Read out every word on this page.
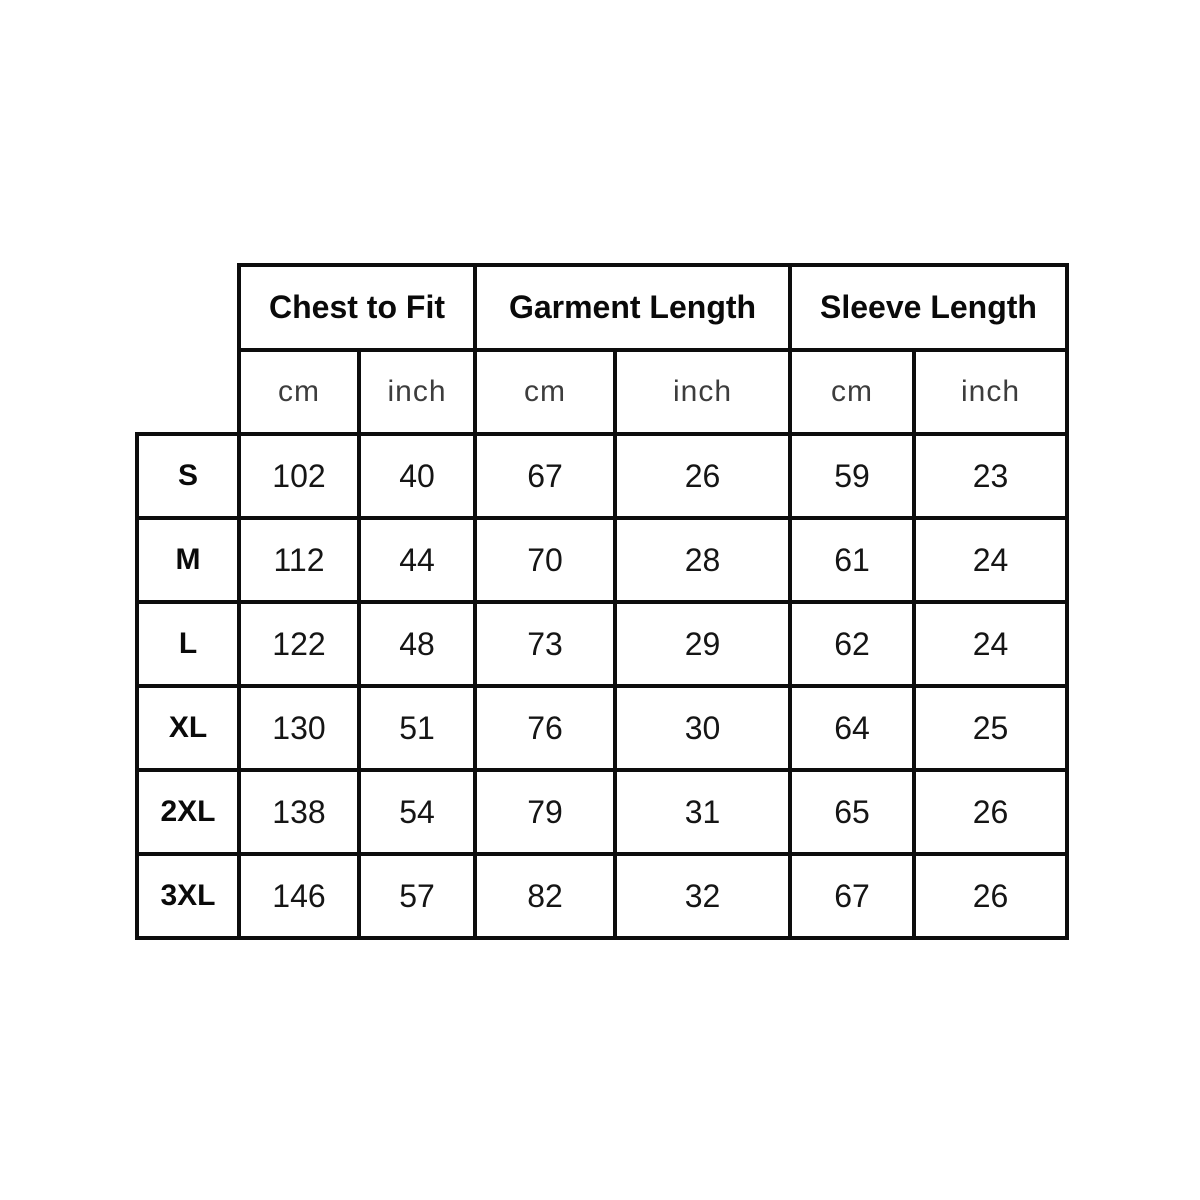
	Chest to Fit		Garment Length		Sleeve Length	
	cm	inch	cm	inch	cm	inch
S	102	40	67	26	59	23
M	112	44	70	28	61	24
L	122	48	73	29	62	24
XL	130	51	76	30	64	25
2XL	138	54	79	31	65	26
3XL	146	57	82	32	67	26
